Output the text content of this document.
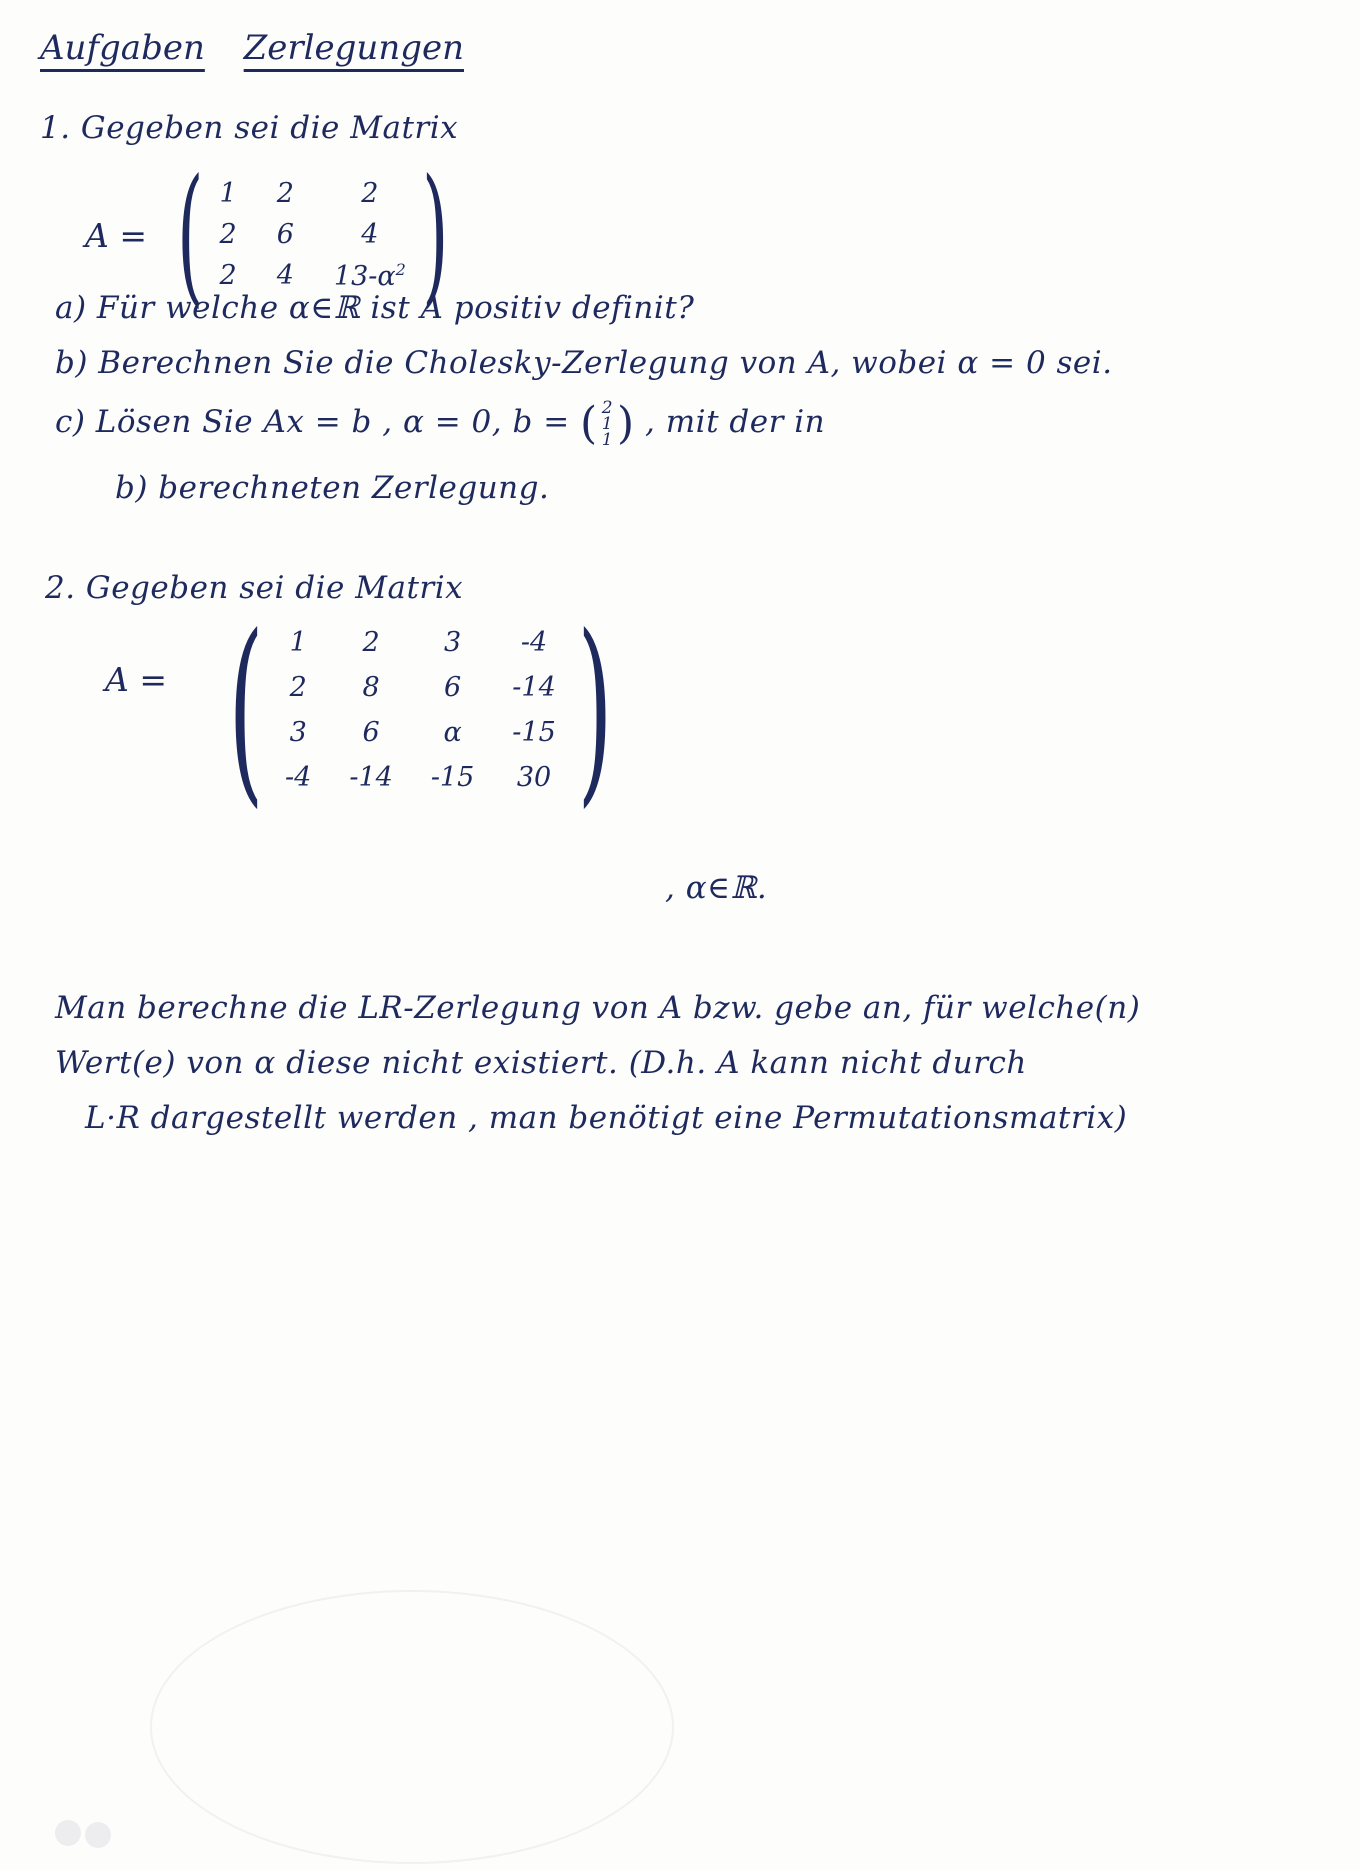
Aufgaben Zerlegungen
1. Gegeben sei die Matrix
A = ( 1 2	2
2 6	4
2 4 $13-\alpha^2$ )
a) Für welche α∈ℝ ist A positiv definit?
b) Berechnen Sie die Cholesky-Zerlegung von A, wobei α = 0 sei.
c) Lösen Sie Ax = b , α = 0, b = ( 2
1
1 ) , mit der in
b) berechneten Zerlegung.
2. Gegeben sei die Matrix
A = ( 1	2	3	-4
2	8	6	-14
3	6	α	-15
-4 -14 -15 30 )
, α∈ℝ.
Man berechne die LR-Zerlegung von A bzw. gebe an, für welche(n)
Wert(e) von α diese nicht existiert. (D.h. A kann nicht durch
L·R dargestellt werden , man benötigt eine Permutationsmatrix)
